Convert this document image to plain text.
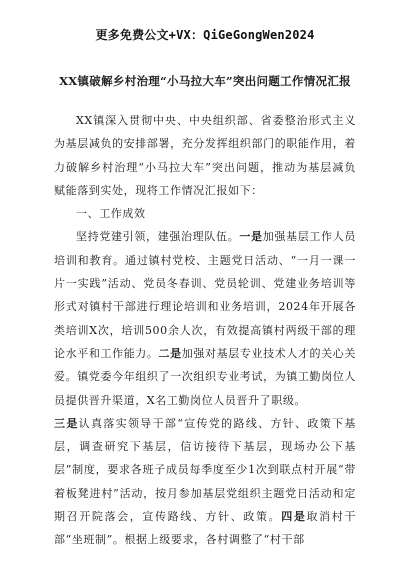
更多免费公文+VX：QiGeGongWen2024
XX镇破解乡村治理“小马拉大车”突出问题工作情况汇报

XX镇深入贯彻中央、中央组织部、省委整治形式主义为基层减负的安排部署，充分发挥组织部门的职能作用，着力破解乡村治理“小马拉大车”突出问题，推动为基层减负赋能落到实处，现将工作情况汇报如下：

一、工作成效

坚持党建引领，建强治理队伍。一是加强基层工作人员培训和教育。通过镇村党校、主题党日活动、“一月一课一片一实践”活动、党员冬春训、党员轮训、党建业务培训等形式对镇村干部进行理论培训和业务培训，2024年开展各类培训X次，培训500余人次，有效提高镇村两级干部的理论水平和工作能力。二是加强对基层专业技术人才的关心关爱。镇党委今年组织了一次组织专业考试，为镇工勤岗位人员提供晋升渠道，X名工勤岗位人员晋升了职级。

三是认真落实领导干部“宣传党的路线、方针、政策下基层，调查研究下基层，信访接待下基层，现场办公下基层”制度，要求各班子成员每季度至少1次到联点村开展“带着板凳进村”活动，按月参加基层党组织主题党日活动和定期召开院落会，宣传路线、方针、政策。四是取消村干部“坐班制”。根据上级要求，各村调整了“村干部
